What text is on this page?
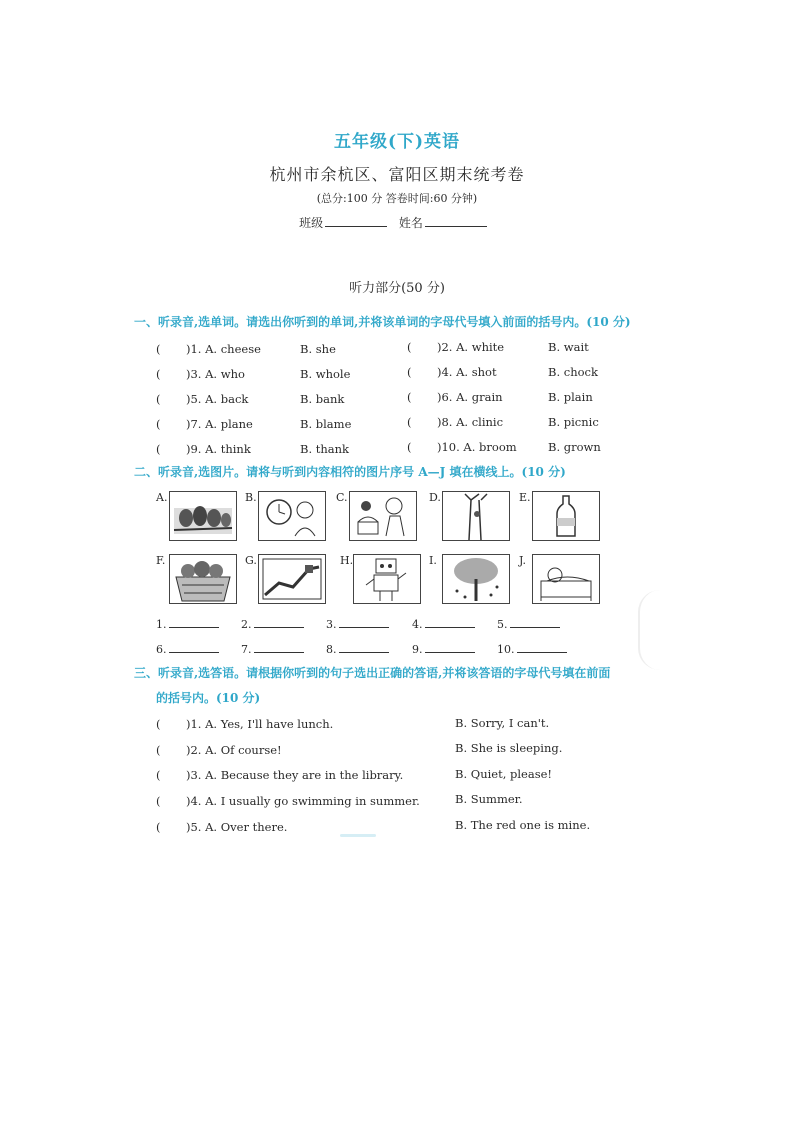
五年级(下)英语
杭州市余杭区、富阳区期末统考卷
(总分:100 分 答卷时间:60 分钟)
班级	姓名
听力部分(50 分)
一、听录音,选单词。请选出你听到的单词,并将该单词的字母代号填入前面的括号内。(10 分)
( )1. A. cheese	B. she	( )2. A. white	B. wait
( )3. A. who	B. whole	( )4. A. shot	B. chock
( )5. A. back	B. bank	( )6. A. grain	B. plain
( )7. A. plane	B. blame	( )8. A. clinic	B. picnic
( )9. A. think	B. thank	( )10. A. broom	B. grown
二、听录音,选图片。请将与听到内容相符的图片序号 A—J 填在横线上。(10 分)
A.	B.	C.	D.	E.
F.	G.	H.	I.	J.
1.	2.	3.	4.	5.
6.	7.	8.	9.	10.
三、听录音,选答语。请根据你听到的句子选出正确的答语,并将该答语的字母代号填在前面
的括号内。(10 分)
( )1. A. Yes, I'll have lunch.	B. Sorry, I can't.
( )2. A. Of course!	B. She is sleeping.
( )3. A. Because they are in the library.	B. Quiet, please!
( )4. A. I usually go swimming in summer.	B. Summer.
( )5. A. Over there.	B. The red one is mine.
